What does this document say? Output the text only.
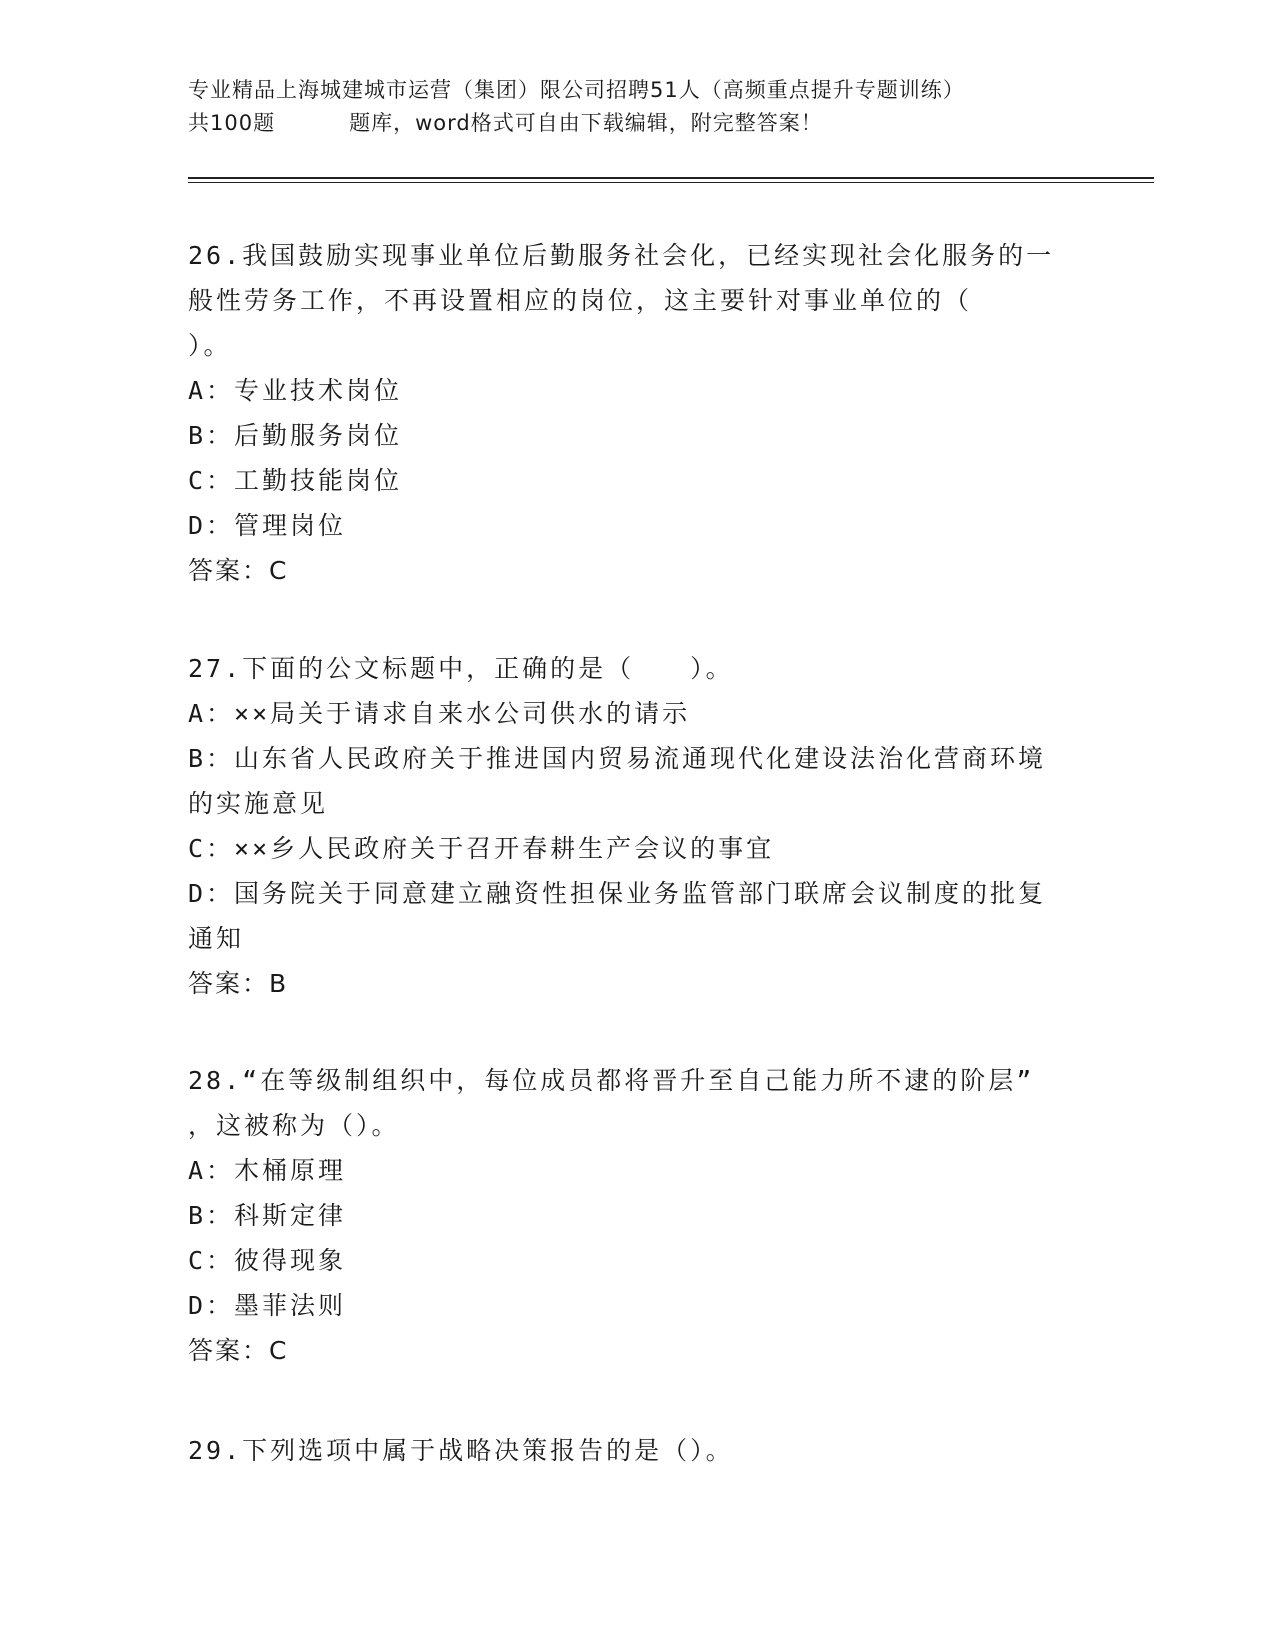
专业精品上海城建城市运营（集团）限公司招聘51人（高频重点提升专题训练）
共100题	题库，word格式可自由下载编辑，附完整答案！
26.我国鼓励实现事业单位后勤服务社会化，已经实现社会化服务的一
般性劳务工作，不再设置相应的岗位，这主要针对事业单位的（
）。
A：专业技术岗位
B：后勤服务岗位
C：工勤技能岗位
D：管理岗位
答案：C
27.下面的公文标题中，正确的是（　　）。
A：××局关于请求自来水公司供水的请示
B：山东省人民政府关于推进国内贸易流通现代化建设法治化营商环境
的实施意见
C：××乡人民政府关于召开春耕生产会议的事宜
D：国务院关于同意建立融资性担保业务监管部门联席会议制度的批复
通知
答案：B
28.“在等级制组织中，每位成员都将晋升至自己能力所不逮的阶层”
，这被称为（）。
A：木桶原理
B：科斯定律
C：彼得现象
D：墨菲法则
答案：C
29.下列选项中属于战略决策报告的是（）。
